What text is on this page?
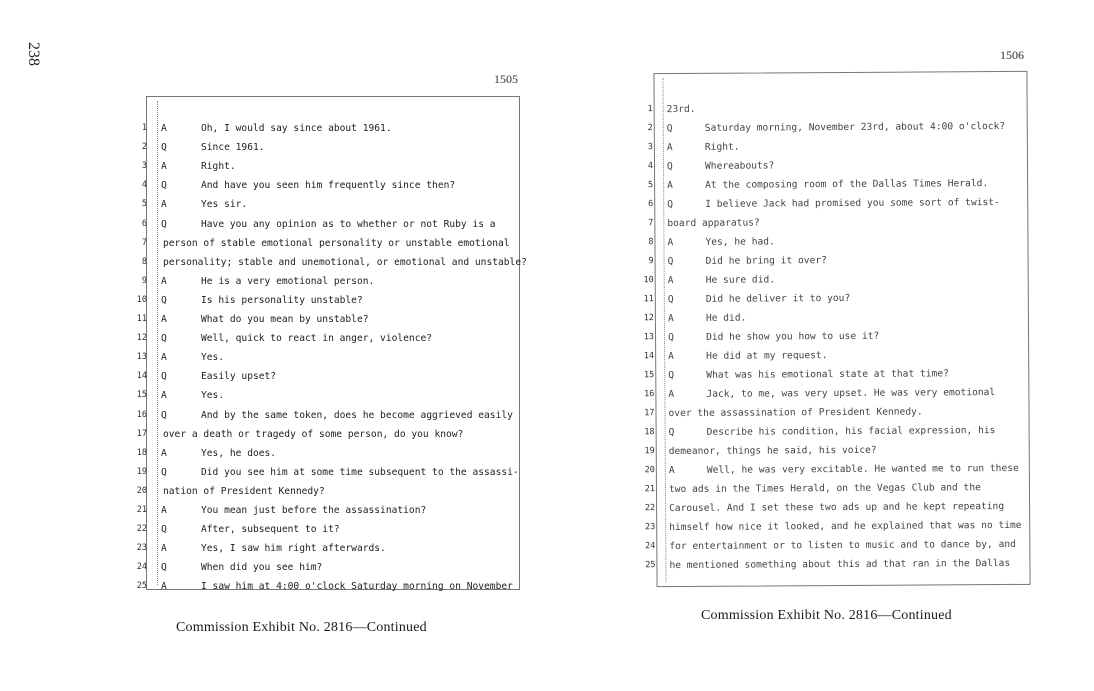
238
1505
1 A	Oh, I would say since about 1961.
2 Q	Since 1961.
3 A	Right.
4 Q	And have you seen him frequently since then?
5 A	Yes sir.
6 Q	Have you any opinion as to whether or not Ruby is a
7 person of stable emotional personality or unstable emotional
8 personality; stable and unemotional, or emotional and unstable?
9 A	He is a very emotional person.
10 Q	Is his personality unstable?
11 A	What do you mean by unstable?
12 Q	Well, quick to react in anger, violence?
13 A	Yes.
14 Q	Easily upset?
15 A	Yes.
16 Q	And by the same token, does he become aggrieved easily
17 over a death or tragedy of some person, do you know?
18 A	Yes, he does.
19 Q	Did you see him at some time subsequent to the assassi-
20 nation of President Kennedy?
21 A	You mean just before the assassination?
22 Q	After, subsequent to it?
23 A	Yes, I saw him right afterwards.
24 Q	When did you see him?
25 A	I saw him at 4:00 o'clock Saturday morning on November
Commission Exhibit No. 2816—Continued
1506
1 23rd.
2 Q	Saturday morning, November 23rd, about 4:00 o'clock?
3 A	Right.
4 Q	Whereabouts?
5 A	At the composing room of the Dallas Times Herald.
6 Q	I believe Jack had promised you some sort of twist-
7 board apparatus?
8 A	Yes, he had.
9 Q	Did he bring it over?
10 A	He sure did.
11 Q	Did he deliver it to you?
12 A	He did.
13 Q	Did he show you how to use it?
14 A	He did at my request.
15 Q	What was his emotional state at that time?
16 A	Jack, to me, was very upset. He was very emotional
17 over the assassination of President Kennedy.
18 Q	Describe his condition, his facial expression, his
19 demeanor, things he said, his voice?
20 A	Well, he was very excitable. He wanted me to run these
21 two ads in the Times Herald, on the Vegas Club and the
22 Carousel. And I set these two ads up and he kept repeating
23 himself how nice it looked, and he explained that was no time
24 for entertainment or to listen to music and to dance by, and
25 he mentioned something about this ad that ran in the Dallas
Commission Exhibit No. 2816—Continued
